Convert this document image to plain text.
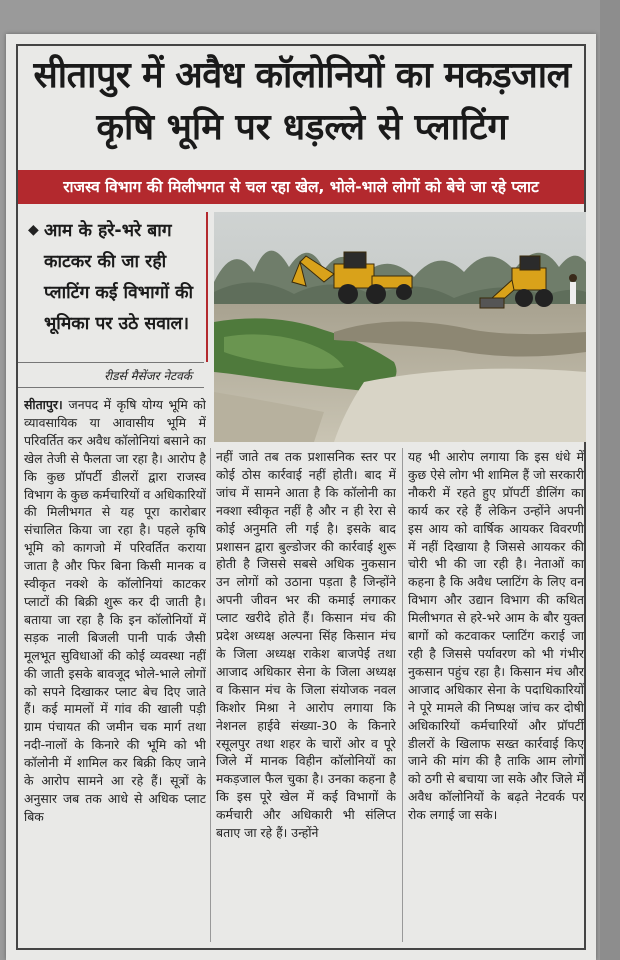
सीतापुर में अवैध कॉलोनियों का मकड़जाल
कृषि भूमि पर धड़ल्ले से प्लाटिंग
राजस्व विभाग की मिलीभगत से चल रहा खेल, भोले-भाले लोगों को बेचे जा रहे प्लाट
◆ आम के हरे-भरे बाग काटकर की जा रही प्लाटिंग कई विभागों की भूमिका पर उठे सवाल।
रीडर्स मैसेंजर नेटवर्क
सीतापुर। जनपद में कृषि योग्य भूमि को व्यावसायिक या आवासीय भूमि में परिवर्तित कर अवैध कॉलोनियां बसाने का खेल तेजी से फैलता जा रहा है। आरोप है कि कुछ प्रॉपर्टी डीलरों द्वारा राजस्व विभाग के कुछ कर्मचारियों व अधिकारियों की मिलीभगत से यह पूरा कारोबार संचालित किया जा रहा है। पहले कृषि भूमि को कागजो में परिवर्तित कराया जाता है और फिर बिना किसी मानक व स्वीकृत नक्शे के कॉलोनियां काटकर प्लाटों की बिक्री शुरू कर दी जाती है। बताया जा रहा है कि इन कॉलोनियों में सड़क नाली बिजली पानी पार्क जैसी मूलभूत सुविधाओं की कोई व्यवस्था नहीं की जाती इसके बावजूद भोले-भाले लोगों को सपने दिखाकर प्लाट बेच दिए जाते हैं। कई मामलों में गांव की खाली पड़ी ग्राम पंचायत की जमीन चक मार्ग तथा नदी-नालों के किनारे की भूमि को भी कॉलोनी में शामिल कर बिक्री किए जाने के आरोप सामने आ रहे हैं। सूत्रों के अनुसार जब तक आधे से अधिक प्लाट बिक
नहीं जाते तब तक प्रशासनिक स्तर पर कोई ठोस कार्रवाई नहीं होती। बाद में जांच में सामने आता है कि कॉलोनी का नक्शा स्वीकृत नहीं है और न ही रेरा से कोई अनुमति ली गई है। इसके बाद प्रशासन द्वारा बुल्डोजर की कार्रवाई शुरू होती है जिससे सबसे अधिक नुकसान उन लोगों को उठाना पड़ता है जिन्होंने अपनी जीवन भर की कमाई लगाकर प्लाट खरीदे होते हैं। किसान मंच की प्रदेश अध्यक्ष अल्पना सिंह किसान मंच के जिला अध्यक्ष राकेश बाजपेई तथा आजाद अधिकार सेना के जिला अध्यक्ष व किसान मंच के जिला संयोजक नवल किशोर मिश्रा ने आरोप लगाया कि नेशनल हाईवे संख्या-30 के किनारे रसूलपुर तथा शहर के चारों ओर व पूरे जिले में मानक विहीन कॉलोनियों का मकड़जाल फैल चुका है। उनका कहना है कि इस पूरे खेल में कई विभागों के कर्मचारी और अधिकारी भी संलिप्त बताए जा रहे हैं। उन्होंने
यह भी आरोप लगाया कि इस धंधे में कुछ ऐसे लोग भी शामिल हैं जो सरकारी नौकरी में रहते हुए प्रॉपर्टी डीलिंग का कार्य कर रहे हैं लेकिन उन्होंने अपनी इस आय को वार्षिक आयकर विवरणी में नहीं दिखाया है जिससे आयकर की चोरी भी की जा रही है। नेताओं का कहना है कि अवैध प्लाटिंग के लिए वन विभाग और उद्यान विभाग की कथित मिलीभगत से हरे-भरे आम के बौर युक्त बागों को कटवाकर प्लाटिंग कराई जा रही है जिससे पर्यावरण को भी गंभीर नुकसान पहुंच रहा है। किसान मंच और आजाद अधिकार सेना के पदाधिकारियों ने पूरे मामले की निष्पक्ष जांच कर दोषी अधिकारियों कर्मचारियों और प्रॉपर्टी डीलरों के खिलाफ सख्त कार्रवाई किए जाने की मांग की है ताकि आम लोगों को ठगी से बचाया जा सके और जिले में अवैध कॉलोनियों के बढ़ते नेटवर्क पर रोक लगाई जा सके।
